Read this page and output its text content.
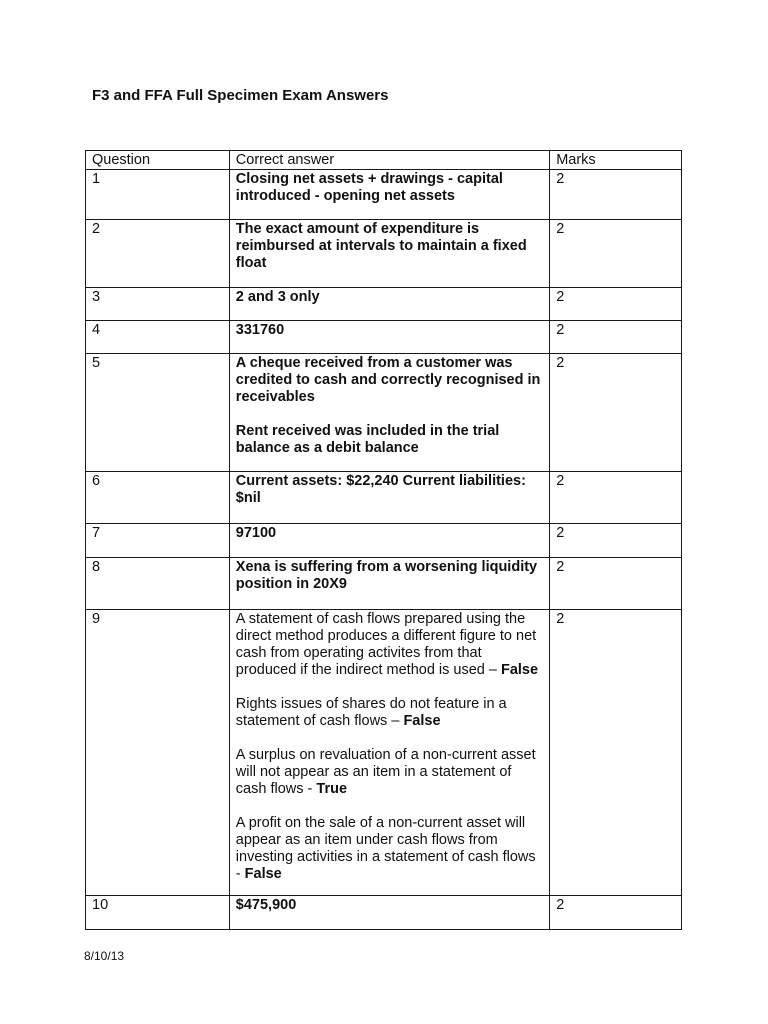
F3 and FFA Full Specimen Exam Answers
Question	Correct answer	Marks
1	Closing net assets + drawings - capital introduced - opening net assets	2
2	The exact amount of expenditure is reimbursed at intervals to maintain a fixed float	2
3	2 and 3 only	2
4	331760	2
5	A cheque received from a customer was credited to cash and correctly recognised in receivables

Rent received was included in the trial balance as a debit balance	2
6	Current assets: $22,240 Current liabilities: $nil	2
7	97100	2
8	Xena is suffering from a worsening liquidity position in 20X9	2
9	A statement of cash flows prepared using the direct method produces a different figure to net cash from operating activites from that produced if the indirect method is used – False

Rights issues of shares do not feature in a statement of cash flows – False

A surplus on revaluation of a non-current asset will not appear as an item in a statement of cash flows - True

A profit on the sale of a non-current asset will appear as an item under cash flows from investing activities in a statement of cash flows - False	2
10	$475,900	2

8/10/13
